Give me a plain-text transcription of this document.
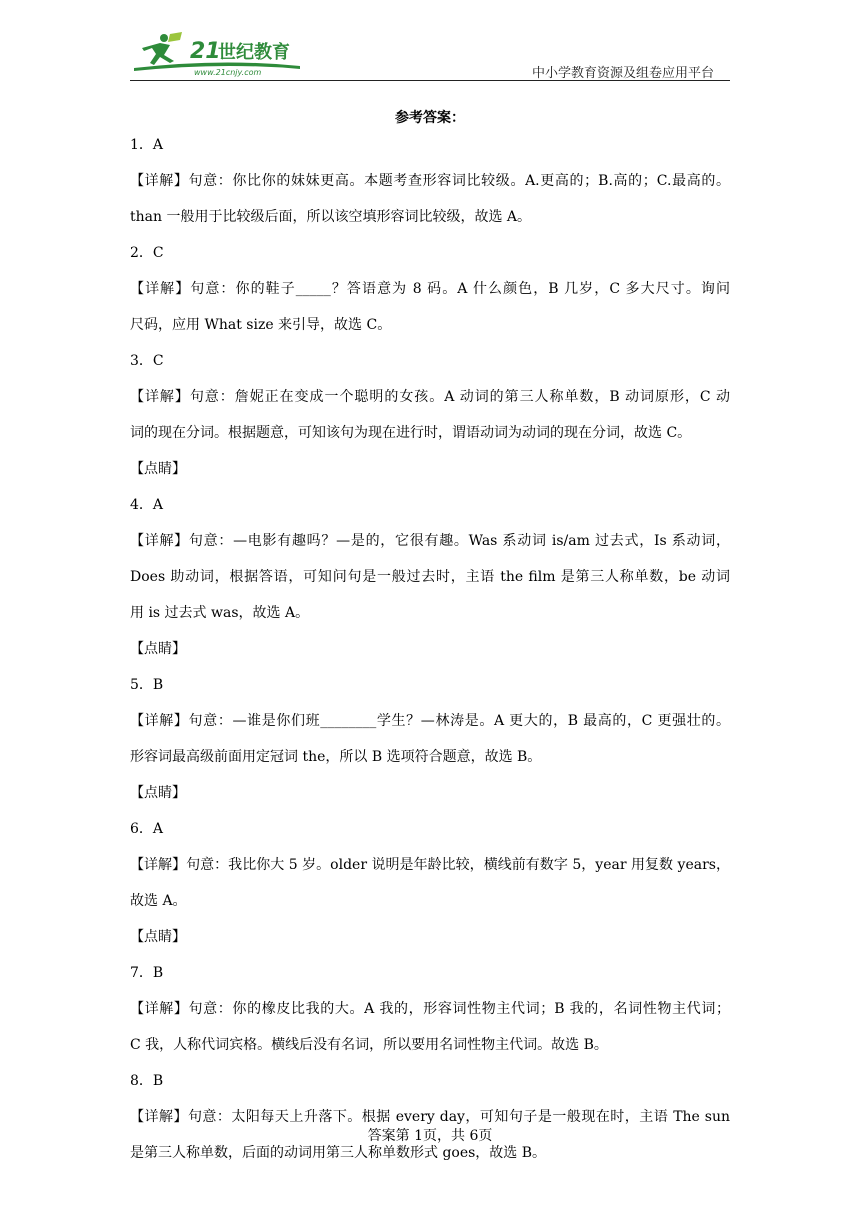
21
世纪教育
www.21cnjy.com	中小学教育资源及组卷应用平台
参考答案：
1．A
【详解】句意：你比你的妹妹更高。本题考查形容词比较级。A.更高的；B.高的；C.最高的。
than 一般用于比较级后面，所以该空填形容词比较级，故选 A。
2．C
【详解】句意：你的鞋子_____？答语意为 8 码。A 什么颜色，B 几岁，C 多大尺寸。询问
尺码，应用 What size 来引导，故选 C。
3．C
【详解】句意：詹妮正在变成一个聪明的女孩。A 动词的第三人称单数，B 动词原形，C 动
词的现在分词。根据题意，可知该句为现在进行时，谓语动词为动词的现在分词，故选 C。
【点睛】
4．A
【详解】句意：—电影有趣吗？—是的，它很有趣。Was 系动词 is/am 过去式，Is 系动词，
Does 助动词，根据答语，可知问句是一般过去时，主语 the film 是第三人称单数，be 动词
用 is 过去式 was，故选 A。
【点睛】
5．B
【详解】句意：—谁是你们班________学生？—林涛是。A 更大的，B 最高的，C 更强壮的。
形容词最高级前面用定冠词 the，所以 B 选项符合题意，故选 B。
【点睛】
6．A
【详解】句意：我比你大 5 岁。older 说明是年龄比较，横线前有数字 5，year 用复数 years，
故选 A。
【点睛】
7．B
【详解】句意：你的橡皮比我的大。A 我的，形容词性物主代词；B 我的，名词性物主代词；
C 我，人称代词宾格。横线后没有名词，所以要用名词性物主代词。故选 B。
8．B
【详解】句意：太阳每天上升落下。根据 every day，可知句子是一般现在时，主语 The sun
是第三人称单数，后面的动词用第三人称单数形式 goes，故选 B。
答案第 1页，共 6页
